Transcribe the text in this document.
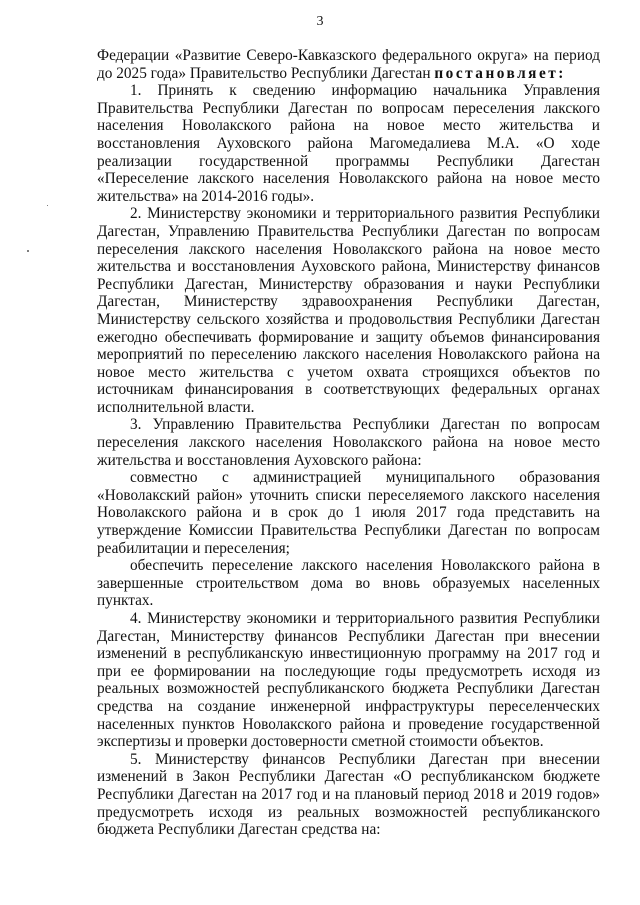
3

Федерации «Развитие Северо-Кавказского федерального округа» на период до 2025 года» Правительство Республики Дагестан постановляет:

1. Принять к сведению информацию начальника Управления Правительства Республики Дагестан по вопросам переселения лакского населения Новолакского района на новое место жительства и восстановления Ауховского района Магомедалиева М.А. «О ходе реализации государственной программы Республики Дагестан «Переселение лакского населения Новолакского района на новое место жительства» на 2014-2016 годы».

2. Министерству экономики и территориального развития Республики Дагестан, Управлению Правительства Республики Дагестан по вопросам переселения лакского населения Новолакского района на новое место жительства и восстановления Ауховского района, Министерству финансов Республики Дагестан, Министерству образования и науки Республики Дагестан, Министерству здравоохранения Республики Дагестан, Министерству сельского хозяйства и продовольствия Республики Дагестан ежегодно обеспечивать формирование и защиту объемов финансирования мероприятий по переселению лакского населения Новолакского района на новое место жительства с учетом охвата строящихся объектов по источникам финансирования в соответствующих федеральных органах исполнительной власти.

3. Управлению Правительства Республики Дагестан по вопросам переселения лакского населения Новолакского района на новое место жительства и восстановления Ауховского района:

совместно с администрацией муниципального образования «Новолакский район» уточнить списки переселяемого лакского населения Новолакского района и в срок до 1 июля 2017 года представить на утверждение Комиссии Правительства Республики Дагестан по вопросам реабилитации и переселения;

обеспечить переселение лакского населения Новолакского района в завершенные строительством дома во вновь образуемых населенных пунктах.

4. Министерству экономики и территориального развития Республики Дагестан, Министерству финансов Республики Дагестан при внесении изменений в республиканскую инвестиционную программу на 2017 год и при ее формировании на последующие годы предусмотреть исходя из реальных возможностей республиканского бюджета Республики Дагестан средства на создание инженерной инфраструктуры переселенческих населенных пунктов Новолакского района и проведение государственной экспертизы и проверки достоверности сметной стоимости объектов.

5. Министерству финансов Республики Дагестан при внесении изменений в Закон Республики Дагестан «О республиканском бюджете Республики Дагестан на 2017 год и на плановый период 2018 и 2019 годов» предусмотреть исходя из реальных возможностей республиканского бюджета Республики Дагестан средства на:
